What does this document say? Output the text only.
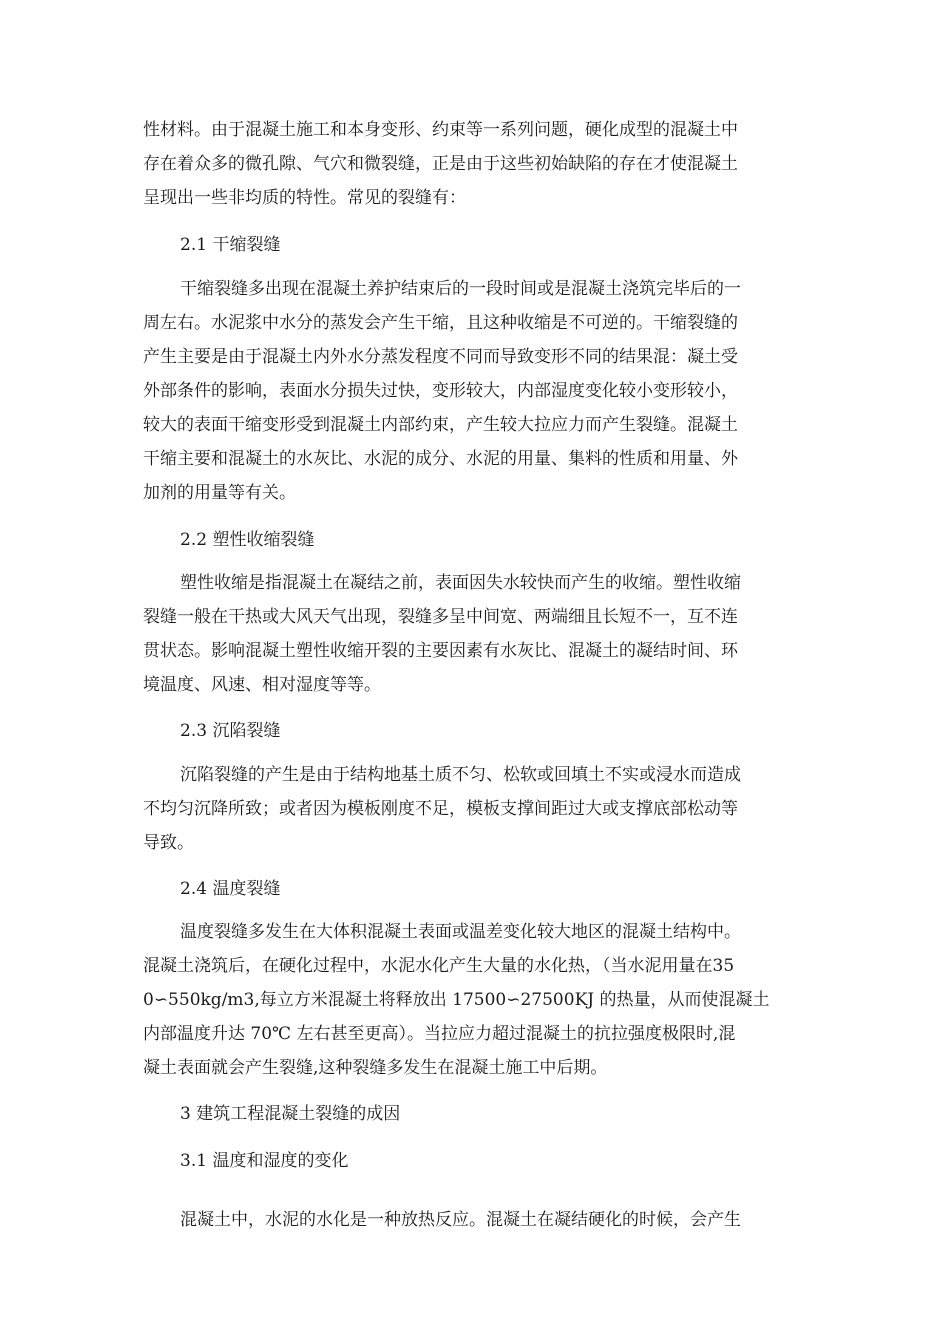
性材料。由于混凝土施工和本身变形、约束等一系列问题，硬化成型的混凝土中
存在着众多的微孔隙、气穴和微裂缝，正是由于这些初始缺陷的存在才使混凝土
呈现出一些非均质的特性。常见的裂缝有：
2.1 干缩裂缝
干缩裂缝多出现在混凝土养护结束后的一段时间或是混凝土浇筑完毕后的一
周左右。水泥浆中水分的蒸发会产生干缩，且这种收缩是不可逆的。干缩裂缝的
产生主要是由于混凝土内外水分蒸发程度不同而导致变形不同的结果混：凝土受
外部条件的影响，表面水分损失过快，变形较大，内部湿度变化较小变形较小，
较大的表面干缩变形受到混凝土内部约束，产生较大拉应力而产生裂缝。混凝土
干缩主要和混凝土的水灰比、水泥的成分、水泥的用量、集料的性质和用量、外
加剂的用量等有关。
2.2 塑性收缩裂缝
塑性收缩是指混凝土在凝结之前，表面因失水较快而产生的收缩。塑性收缩
裂缝一般在干热或大风天气出现，裂缝多呈中间宽、两端细且长短不一，互不连
贯状态。影响混凝土塑性收缩开裂的主要因素有水灰比、混凝土的凝结时间、环
境温度、风速、相对湿度等等。
2.3 沉陷裂缝
沉陷裂缝的产生是由于结构地基土质不匀、松软或回填土不实或浸水而造成
不均匀沉降所致；或者因为模板刚度不足，模板支撑间距过大或支撑底部松动等
导致。
2.4 温度裂缝
温度裂缝多发生在大体积混凝土表面或温差变化较大地区的混凝土结构中。
混凝土浇筑后，在硬化过程中，水泥水化产生大量的水化热，（当水泥用量在35
0∽550kg/m3,每立方米混凝土将释放出 17500∽27500KJ 的热量，从而使混凝土
内部温度升达 70℃ 左右甚至更高）。当拉应力超过混凝土的抗拉强度极限时,混
凝土表面就会产生裂缝,这种裂缝多发生在混凝土施工中后期。
3 建筑工程混凝土裂缝的成因
3.1 温度和湿度的变化
混凝土中，水泥的水化是一种放热反应。混凝土在凝结硬化的时候，会产生
